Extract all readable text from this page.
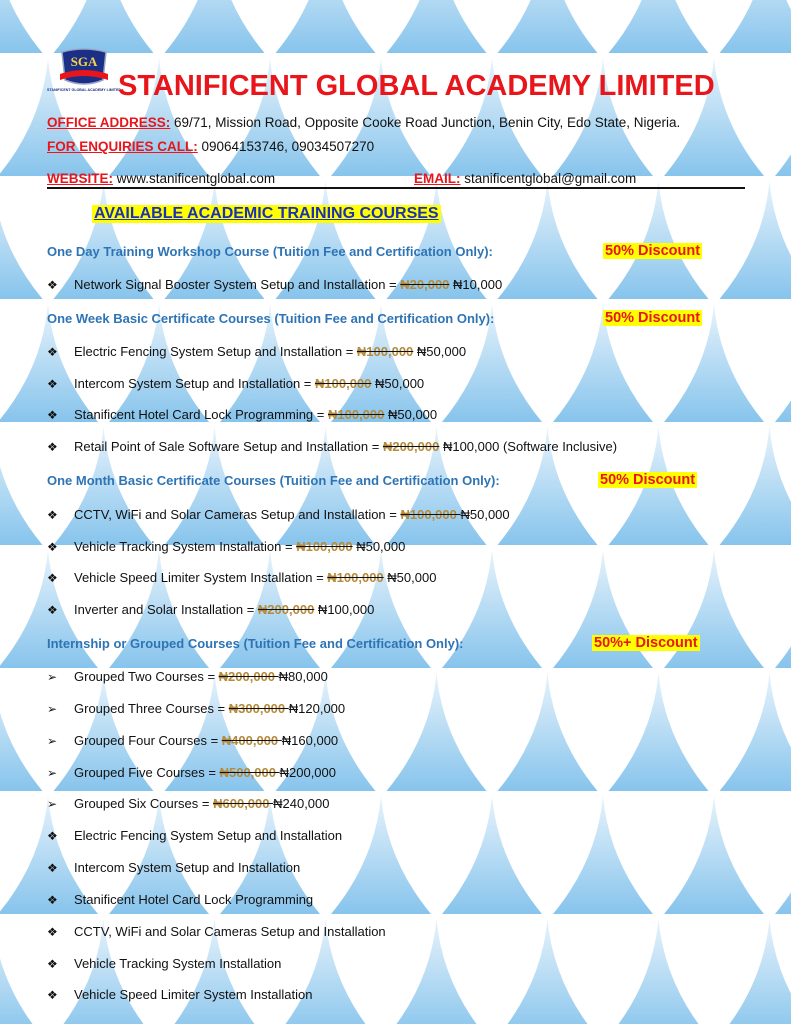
SGA
STANIFICENT GLOBAL ACADEMY LIMITED
STANIFICENT GLOBAL ACADEMY LIMITED
OFFICE ADDRESS: 69/71, Mission Road, Opposite Cooke Road Junction, Benin City, Edo State, Nigeria.
FOR ENQUIRIES CALL: 09064153746, 09034507270
WEBSITE: www.stanificentglobal.com	EMAIL: stanificentglobal@gmail.com
AVAILABLE ACADEMIC TRAINING COURSES
One Day Training Workshop Course (Tuition Fee and Certification Only):	50% Discount
One Week Basic Certificate Courses (Tuition Fee and Certification Only):	50% Discount
One Month Basic Certificate Courses (Tuition Fee and Certification Only):	50% Discount
Internship or Grouped Courses (Tuition Fee and Certification Only):	50%+ Discount
❖ Network Signal Booster System Setup and Installation = ₦20,000 ₦10,000
❖ Electric Fencing System Setup and Installation = ₦100,000 ₦50,000
❖ Intercom System Setup and Installation = ₦100,000 ₦50,000
❖ Stanificent Hotel Card Lock Programming = ₦100,000 ₦50,000
❖ Retail Point of Sale Software Setup and Installation = ₦200,000 ₦100,000 (Software Inclusive)
❖ CCTV, WiFi and Solar Cameras Setup and Installation = ₦100,000 ₦50,000
❖ Vehicle Tracking System Installation = ₦100,000 ₦50,000
❖ Vehicle Speed Limiter System Installation = ₦100,000 ₦50,000
❖ Inverter and Solar Installation = ₦200,000 ₦100,000
➢ Grouped Two Courses = ₦200,000 ₦80,000
➢ Grouped Three Courses = ₦300,000 ₦120,000
➢ Grouped Four Courses = ₦400,000 ₦160,000
➢ Grouped Five Courses = ₦500,000 ₦200,000
➢ Grouped Six Courses = ₦600,000 ₦240,000
❖ Electric Fencing System Setup and Installation
❖ Intercom System Setup and Installation
❖ Stanificent Hotel Card Lock Programming
❖ CCTV, WiFi and Solar Cameras Setup and Installation
❖ Vehicle Tracking System Installation
❖ Vehicle Speed Limiter System Installation
